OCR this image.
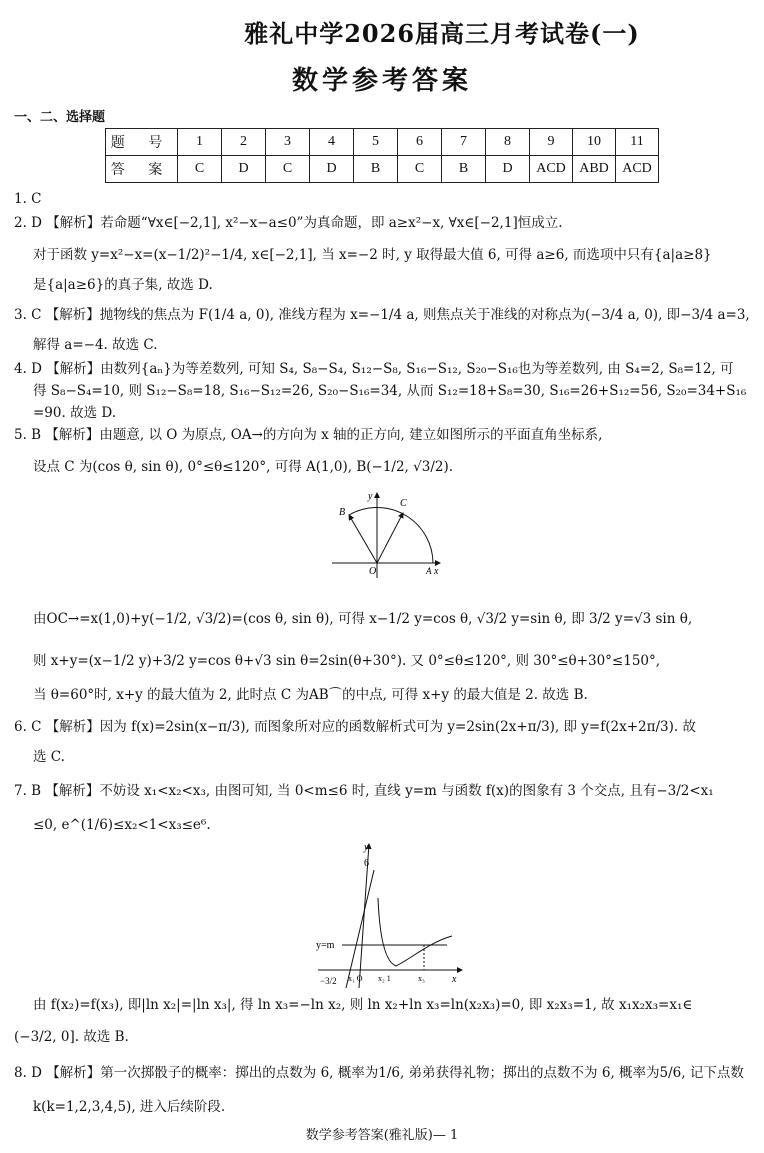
雅礼中学2026届高三月考试卷(一)
数学参考答案
一、二、选择题
题 号	1	2	3	4	5	6	7	8	9	10	11
答 案	C	D	C	D	B	C	B	D	ACD	ABD	ACD
1. C
2. D 【解析】若命题“∀x∈[−2,1], x²−x−a≤0”为真命题，即 a≥x²−x, ∀x∈[−2,1]恒成立.
对于函数 y=x²−x=(x−1/2)²−1/4, x∈[−2,1], 当 x=−2 时, y 取得最大值 6, 可得 a≥6, 而选项中只有{a|a≥8}
是{a|a≥6}的真子集, 故选 D.
3. C 【解析】抛物线的焦点为 F(1/4 a, 0), 准线方程为 x=−1/4 a, 则焦点关于准线的对称点为(−3/4 a, 0), 即−3/4 a=3,
解得 a=−4. 故选 C.
4. D 【解析】由数列{aₙ}为等差数列, 可知 S₄, S₈−S₄, S₁₂−S₈, S₁₆−S₁₂, S₂₀−S₁₆也为等差数列, 由 S₄=2, S₈=12, 可
得 S₈−S₄=10, 则 S₁₂−S₈=18, S₁₆−S₁₂=26, S₂₀−S₁₆=34, 从而 S₁₂=18+S₈=30, S₁₆=26+S₁₂=56, S₂₀=34+S₁₆
=90. 故选 D.
5. B 【解析】由题意, 以 O 为原点, OA→的方向为 x 轴的正方向, 建立如图所示的平面直角坐标系,
设点 C 为(cos θ, sin θ), 0°≤θ≤120°, 可得 A(1,0), B(−1/2, √3/2).
y
x
O
B
C
A
由OC→=x(1,0)+y(−1/2, √3/2)=(cos θ, sin θ), 可得 x−1/2 y=cos θ, √3/2 y=sin θ, 即 3/2 y=√3 sin θ,
则 x+y=(x−1/2 y)+3/2 y=cos θ+√3 sin θ=2sin(θ+30°). 又 0°≤θ≤120°, 则 30°≤θ+30°≤150°,
当 θ=60°时, x+y 的最大值为 2, 此时点 C 为AB⌒的中点, 可得 x+y 的最大值是 2. 故选 B.
6. C 【解析】因为 f(x)=2sin(x−π/3), 而图象所对应的函数解析式可为 y=2sin(2x+π/3), 即 y=f(2x+2π/3). 故
选 C.
7. B 【解析】不妨设 x₁<x₂<x₃, 由图可知, 当 0<m≤6 时, 直线 y=m 与函数 f(x)的图象有 3 个交点, 且有−3/2<x₁
≤0, e^(1/6)≤x₂<1<x₃≤e⁶.
y
x
6
y=m
−3/2 x₁ O x₂ 1	x₃
由 f(x₂)=f(x₃), 即|ln x₂|=|ln x₃|, 得 ln x₃=−ln x₂, 则 ln x₂+ln x₃=ln(x₂x₃)=0, 即 x₂x₃=1, 故 x₁x₂x₃=x₁∈
(−3/2, 0]. 故选 B.
8. D 【解析】第一次掷骰子的概率：掷出的点数为 6, 概率为1/6, 弟弟获得礼物；掷出的点数不为 6, 概率为5/6, 记下点数
k(k=1,2,3,4,5), 进入后续阶段.
数学参考答案(雅礼版)— 1
